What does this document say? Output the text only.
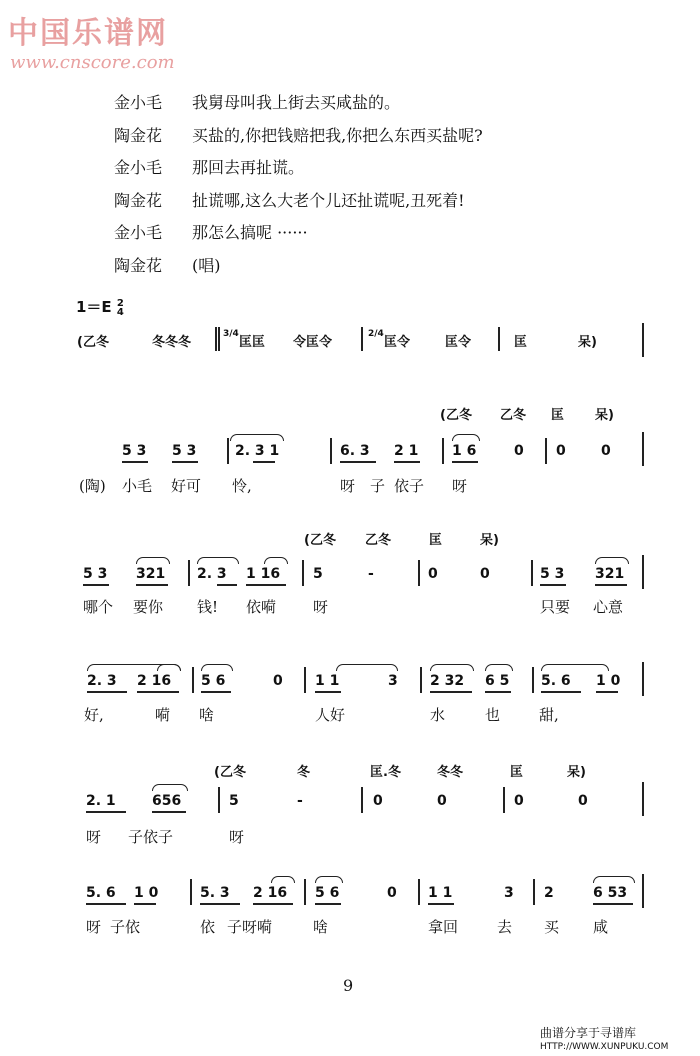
中国乐谱网
www.cnscore.com
金小毛 我舅母叫我上街去买咸盐的。
陶金花 买盐的,你把钱赔把我,你把么东西买盐呢?
金小毛 那回去再扯谎。
陶金花 扯谎哪,这么大老个儿还扯谎呢,丑死着!
金小毛 那怎么搞呢 ······
陶金花 (唱)
1＝E 2
4
(乙冬	冬冬冬
3/4
匡匡 令匡令
2/4
匡令	匡令	匡	呆)
(乙冬 乙冬 匡 呆)
5 3 5 3	2. 3 1	6. 3 2 1 1 6	0 0	0
(陶) 小毛 好可 怜,	呀 子 依子 呀
(乙冬 乙冬	匡	呆)
5 3 321 2. 3 1 16 5	-	0	0	5 3 321
哪个 要你 钱! 依嗬 呀	只要 心意
2. 3 2 16 5 6	0 1 1	3 2 32 6 5 5. 6 1 0
好,	嗬 啥	人好	水	也	甜,
(乙冬	冬	匡.冬	冬冬	匡	呆)
2. 1	656	5	-	0	0	0	0
呀 子依子	呀
5. 6 1 0	5. 3 2 16 5 6	0 1 1	3 2	6 53
呀 子依	依 子呀嗬	啥	拿回	去 买 咸
9
曲谱分享于寻谱库
HTTP://WWW.XUNPUKU.COM
